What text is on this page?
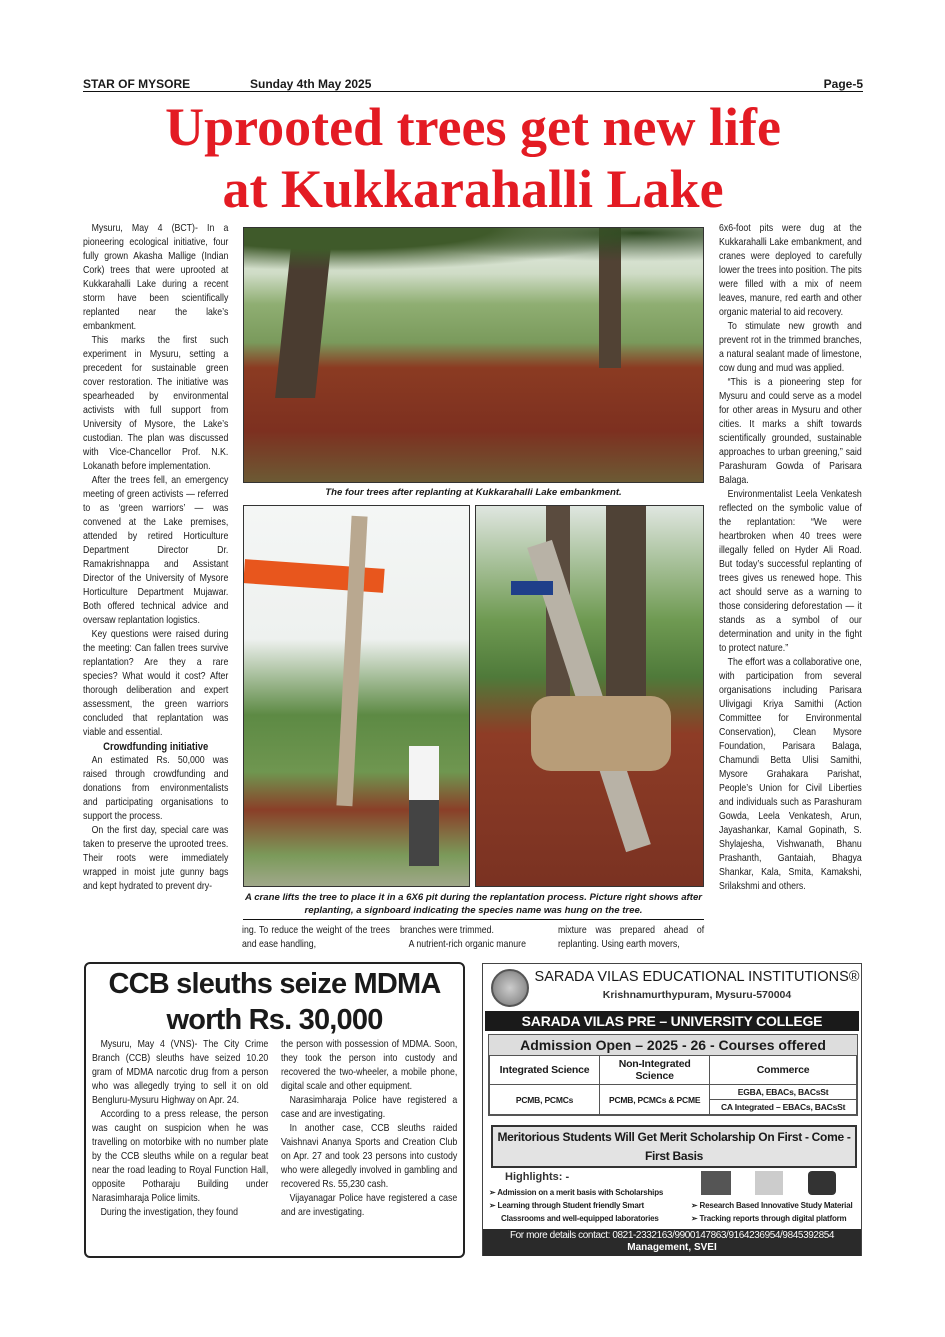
STAR OF MYSORE	Sunday 4th May 2025	Page-5
Uprooted trees get new life
at Kukkarahalli Lake

Mysuru, May 4 (BCT)- In a pioneering ecological initiative, four fully grown Akasha Mallige (Indian Cork) trees that were uprooted at Kukkarahalli Lake during a recent storm have been scientifically replanted near the lake’s embankment.

This marks the first such experiment in Mysuru, setting a precedent for sustainable green cover restoration. The initiative was spearheaded by environmental activists with full support from University of Mysore, the Lake’s custodian. The plan was discussed with Vice-Chancellor Prof. N.K. Lokanath before implementation.

After the trees fell, an emergency meeting of green activists — referred to as ‘green warriors’ — was convened at the Lake premises, attended by retired Horticulture Department Director Dr. Ramakrishnappa and Assistant Director of the University of Mysore Horticulture Department Mujawar. Both offered technical advice and oversaw replantation logistics.

Key questions were raised during the meeting: Can fallen trees survive replantation? Are they a rare species? What would it cost? After thorough deliberation and expert assessment, the green warriors concluded that replantation was viable and essential.

Crowdfunding initiative

An estimated Rs. 50,000 was raised through crowdfunding and donations from environmentalists and participating organisations to support the process.

On the first day, special care was taken to preserve the uprooted trees. Their roots were immediately wrapped in moist jute gunny bags and kept hydrated to prevent dry-

The four trees after replanting at Kukkarahalli Lake embankment.
A crane lifts the tree to place it in a 6X6 pit during the replantation process. Picture right shows after replanting, a signboard indicating the species name was hung on the tree.

ing. To reduce the weight of the trees and ease handling,

branches were trimmed.

A nutrient-rich organic manure

mixture was prepared ahead of replanting. Using earth movers,

6x6-foot pits were dug at the Kukkarahalli Lake embankment, and cranes were deployed to carefully lower the trees into position. The pits were filled with a mix of neem leaves, manure, red earth and other organic material to aid recovery.

To stimulate new growth and prevent rot in the trimmed branches, a natural sealant made of limestone, cow dung and mud was applied.

“This is a pioneering step for Mysuru and could serve as a model for other areas in Mysuru and other cities. It marks a shift towards scientifically grounded, sustainable approaches to urban greening,” said Parashuram Gowda of Parisara Balaga.

Environmentalist Leela Venkatesh reflected on the symbolic value of the replantation: “We were heartbroken when 40 trees were illegally felled on Hyder Ali Road. But today’s successful replanting of trees gives us renewed hope. This act should serve as a warning to those considering deforestation — it stands as a symbol of our determination and unity in the fight to protect nature.”

The effort was a collaborative one, with participation from several organisations including Parisara Ulivigagi Kriya Samithi (Action Committee for Environmental Conservation), Clean Mysore Foundation, Parisara Balaga, Chamundi Betta Ulisi Samithi, Mysore Grahakara Parishat, People’s Union for Civil Liberties and individuals such as Parashuram Gowda, Leela Venkatesh, Arun, Jayashankar, Kamal Gopinath, S. Shylajesha, Vishwanath, Bhanu Prashanth, Gantaiah, Bhagya Shankar, Kala, Smita, Kamakshi, Srilakshmi and others.

CCB sleuths seize MDMA
worth Rs. 30,000

Mysuru, May 4 (VNS)- The City Crime Branch (CCB) sleuths have seized 10.20 gram of MDMA narcotic drug from a person who was allegedly trying to sell it on old Bengluru-Mysuru Highway on Apr. 24.

According to a press release, the person was caught on suspicion when he was travelling on motorbike with no number plate by the CCB sleuths while on a regular beat near the road leading to Royal Function Hall, opposite Potharaju Building under Narasimharaja Police limits.

During the investigation, they found

the person with possession of MDMA. Soon, they took the person into custody and recovered the two-wheeler, a mobile phone, digital scale and other equipment.

Narasimharaja Police have registered a case and are investigating.

In another case, CCB sleuths raided Vaishnavi Ananya Sports and Creation Club on Apr. 27 and took 23 persons into custody who were allegedly involved in gambling and recovered Rs. 55,230 cash.

Vijayanagar Police have registered a case and are investigating.

SARADA VILAS EDUCATIONAL INSTITUTIONS®
Krishnamurthypuram, Mysuru-570004
SARADA VILAS PRE – UNIVERSITY COLLEGE
Admission Open – 2025 - 26 - Courses offered
Integrated Science	Non-Integrated Science	Commerce
PCMB, PCMCs	PCMB, PCMCs & PCME	EGBA, EBACs, BACsSt
		CA Integrated – EBACs, BACsSt
Meritorious Students Will Get Merit Scholarship On First - Come - First Basis
Highlights: -
➢ Admission on a merit basis with Scholarships
➢ Learning through Student friendly Smart Classrooms and well-equipped laboratories
➢ Research Based Innovative Study Material
➢ Tracking reports through digital platform
For more details contact: 0821-2332163/9900147863/9164236954/9845392854
Management, SVEI
